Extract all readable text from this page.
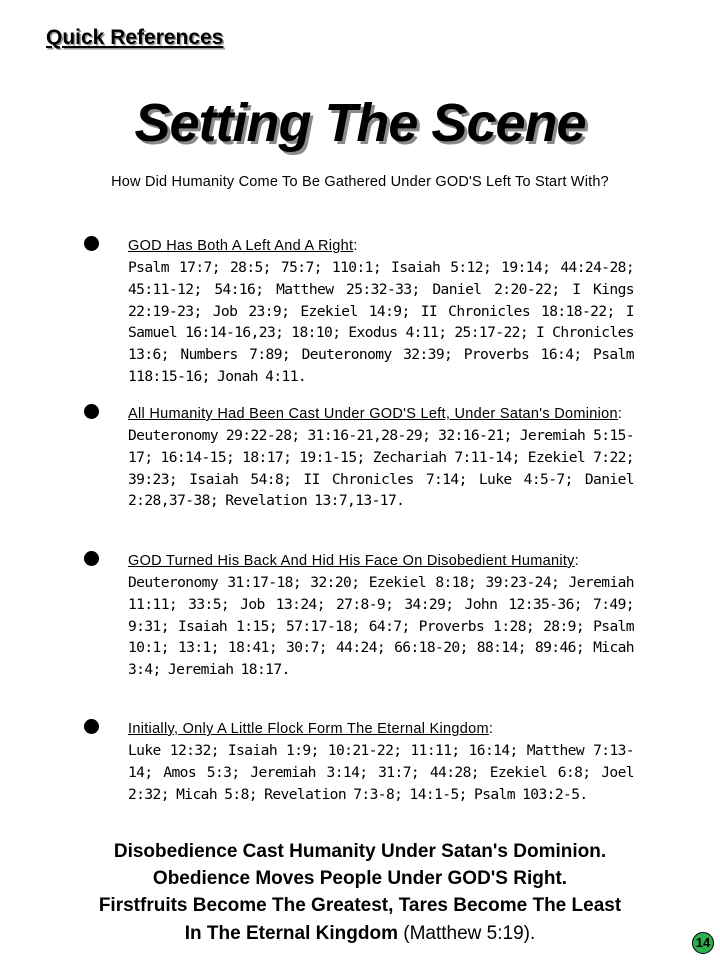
Quick References
Setting The Scene
How Did Humanity Come To Be Gathered Under GOD'S Left To Start With?
GOD Has Both A Left And A Right:
Psalm 17:7; 28:5; 75:7; 110:1; Isaiah 5:12; 19:14; 44:24-28; 45:11-12; 54:16; Matthew 25:32-33; Daniel 2:20-22; I Kings 22:19-23; Job 23:9; Ezekiel 14:9; II Chronicles 18:18-22; I Samuel 16:14-16,23; 18:10; Exodus 4:11; 25:17-22; I Chronicles 13:6; Numbers 7:89; Deuteronomy 32:39; Proverbs 16:4; Psalm 118:15-16; Jonah 4:11.
All Humanity Had Been Cast Under GOD'S Left, Under Satan's Dominion:
Deuteronomy 29:22-28; 31:16-21,28-29; 32:16-21; Jeremiah 5:15-17; 16:14-15; 18:17; 19:1-15; Zechariah 7:11-14; Ezekiel 7:22; 39:23; Isaiah 54:8; II Chronicles 7:14; Luke 4:5-7; Daniel 2:28,37-38; Revelation 13:7,13-17.
GOD Turned His Back And Hid His Face On Disobedient Humanity:
Deuteronomy 31:17-18; 32:20; Ezekiel 8:18; 39:23-24; Jeremiah 11:11; 33:5; Job 13:24; 27:8-9; 34:29; John 12:35-36; 7:49; 9:31; Isaiah 1:15; 57:17-18; 64:7; Proverbs 1:28; 28:9; Psalm 10:1; 13:1; 18:41; 30:7; 44:24; 66:18-20; 88:14; 89:46; Micah 3:4; Jeremiah 18:17.
Initially, Only A Little Flock Form The Eternal Kingdom:
Luke 12:32; Isaiah 1:9; 10:21-22; 11:11; 16:14; Matthew 7:13-14; Amos 5:3; Jeremiah 3:14; 31:7; 44:28; Ezekiel 6:8; Joel 2:32; Micah 5:8; Revelation 7:3-8; 14:1-5; Psalm 103:2-5.
Disobedience Cast Humanity Under Satan's Dominion.
Obedience Moves People Under GOD'S Right.
Firstfruits Become The Greatest, Tares Become The Least
In The Eternal Kingdom (Matthew 5:19).	14
